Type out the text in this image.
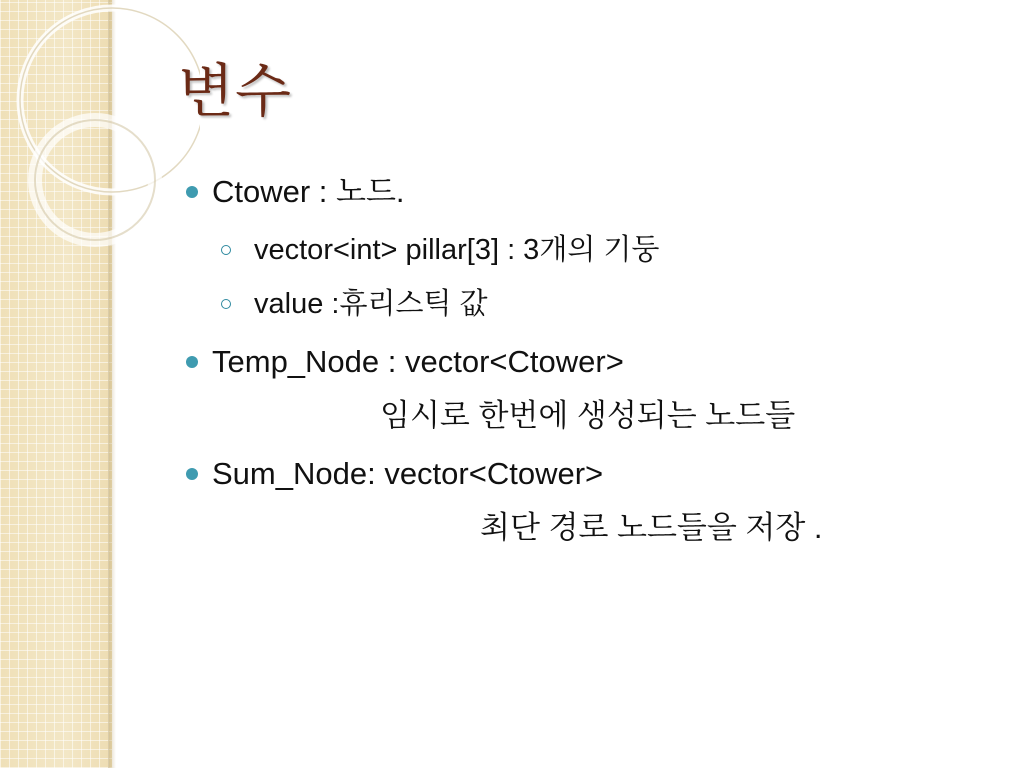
변수
Ctower : 노드.
vector<int> pillar[3] : 3개의 기둥
value :휴리스틱 값
Temp_Node : vector<Ctower>
임시로 한번에 생성되는 노드들
Sum_Node: vector<Ctower>
최단 경로 노드들을 저장 .
